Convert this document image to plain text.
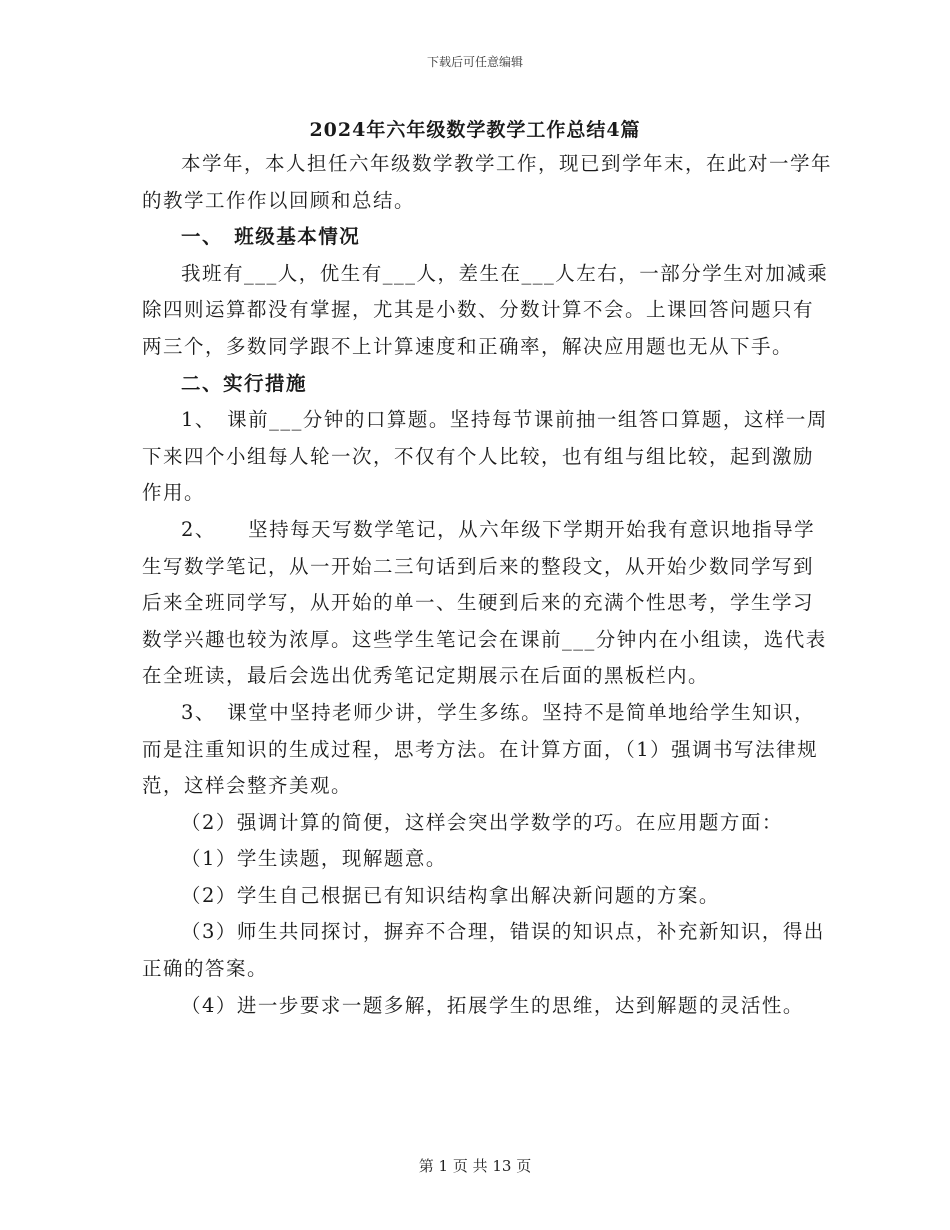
下载后可任意编辑
2024年六年级数学教学工作总结4篇

本学年，本人担任六年级数学教学工作，现已到学年末，在此对一学年的教学工作作以回顾和总结。

一、　班级基本情况

我班有___人，优生有___人，差生在___人左右，一部分学生对加减乘除四则运算都没有掌握，尤其是小数、分数计算不会。上课回答问题只有两三个，多数同学跟不上计算速度和正确率，解决应用题也无从下手。

二、实行措施

1、　课前___分钟的口算题。坚持每节课前抽一组答口算题，这样一周下来四个小组每人轮一次，不仅有个人比较，也有组与组比较，起到激励作用。

2、　　坚持每天写数学笔记，从六年级下学期开始我有意识地指导学生写数学笔记，从一开始二三句话到后来的整段文，从开始少数同学写到后来全班同学写，从开始的单一、生硬到后来的充满个性思考，学生学习数学兴趣也较为浓厚。这些学生笔记会在课前___分钟内在小组读，选代表在全班读，最后会选出优秀笔记定期展示在后面的黑板栏内。

3、　课堂中坚持老师少讲，学生多练。坚持不是简单地给学生知识，而是注重知识的生成过程，思考方法。在计算方面，（1）强调书写法律规范，这样会整齐美观。

（2）强调计算的简便，这样会突出学数学的巧。在应用题方面：

（1）学生读题，现解题意。

（2）学生自己根据已有知识结构拿出解决新问题的方案。

（3）师生共同探讨，摒弃不合理，错误的知识点，补充新知识，得出正确的答案。

（4）进一步要求一题多解，拓展学生的思维，达到解题的灵活性。

第 1 页 共 13 页
